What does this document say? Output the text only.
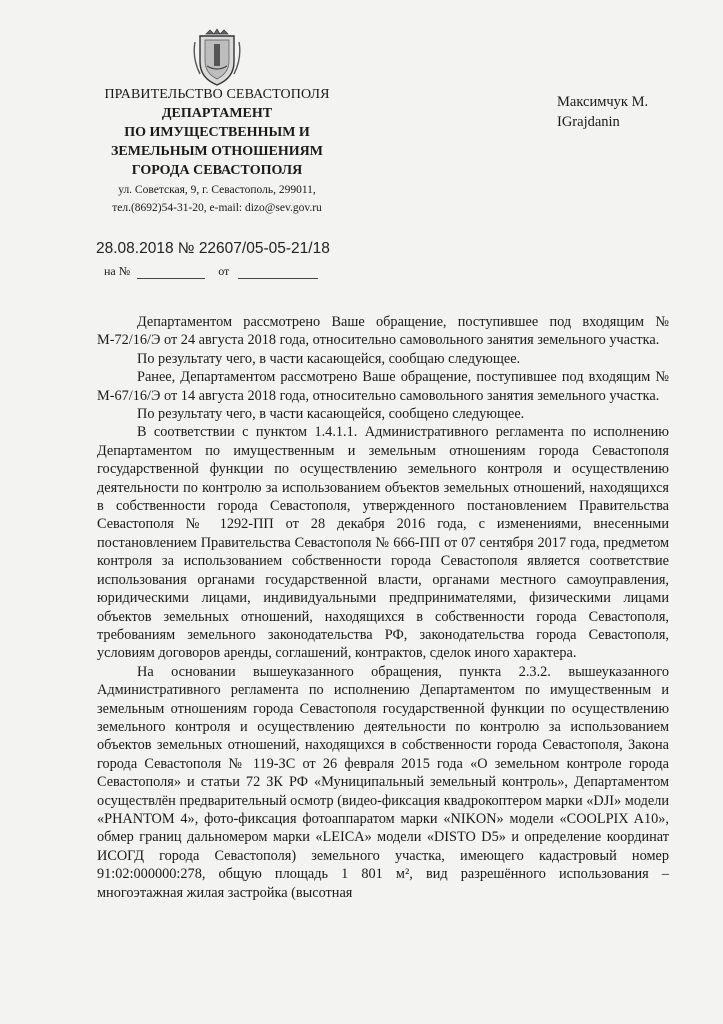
ПРАВИТЕЛЬСТВО СЕВАСТОПОЛЯ
ДЕПАРТАМЕНТ
ПО ИМУЩЕСТВЕННЫМ И
ЗЕМЕЛЬНЫМ ОТНОШЕНИЯМ
ГОРОДА СЕВАСТОПОЛЯ
ул. Советская, 9, г. Севастополь, 299011,
тел.(8692)54-31-20, e-mail: dizo@sev.gov.ru
Максимчук М.
IGrajdanin
28.08.2018 № 22607/05-05-21/18
на №	от

Департаментом рассмотрено Ваше обращение, поступившее под входящим № М-72/16/Э от 24 августа 2018 года, относительно самовольного занятия земельного участка.

По результату чего, в части касающейся, сообщаю следующее.

Ранее, Департаментом рассмотрено Ваше обращение, поступившее под входящим № М-67/16/Э от 14 августа 2018 года, относительно самовольного занятия земельного участка.

По результату чего, в части касающейся, сообщено следующее.

В соответствии с пунктом 1.4.1.1. Административного регламента по исполнению Департаментом по имущественным и земельным отношениям города Севастополя государственной функции по осуществлению земельного контроля и осуществлению деятельности по контролю за использованием объектов земельных отношений, находящихся в собственности города Севастополя, утвержденного постановлением Правительства Севастополя № 1292-ПП от 28 декабря 2016 года, с изменениями, внесенными постановлением Правительства Севастополя № 666-ПП от 07 сентября 2017 года, предметом контроля за использованием собственности города Севастополя является соответствие использования органами государственной власти, органами местного самоуправления, юридическими лицами, индивидуальными предпринимателями, физическими лицами объектов земельных отношений, находящихся в собственности города Севастополя, требованиям земельного законодательства РФ, законодательства города Севастополя, условиям договоров аренды, соглашений, контрактов, сделок иного характера.

На основании вышеуказанного обращения, пункта 2.3.2. вышеуказанного Административного регламента по исполнению Департаментом по имущественным и земельным отношениям города Севастополя государственной функции по осуществлению земельного контроля и осуществлению деятельности по контролю за использованием объектов земельных отношений, находящихся в собственности города Севастополя, Закона города Севастополя № 119-ЗС от 26 февраля 2015 года «О земельном контроле города Севастополя» и статьи 72 ЗК РФ «Муниципальный земельный контроль», Департаментом осуществлён предварительный осмотр (видео-фиксация квадрокоптером марки «DJI» модели «PHANTOM 4», фото-фиксация фотоаппаратом марки «NIKON» модели «COOLPIX A10», обмер границ дальномером марки «LEICA» модели «DISTO D5» и определение координат ИСОГД города Севастополя) земельного участка, имеющего кадастровый номер 91:02:000000:278, общую площадь 1 801 м², вид разрешённого использования – многоэтажная жилая застройка (высотная
